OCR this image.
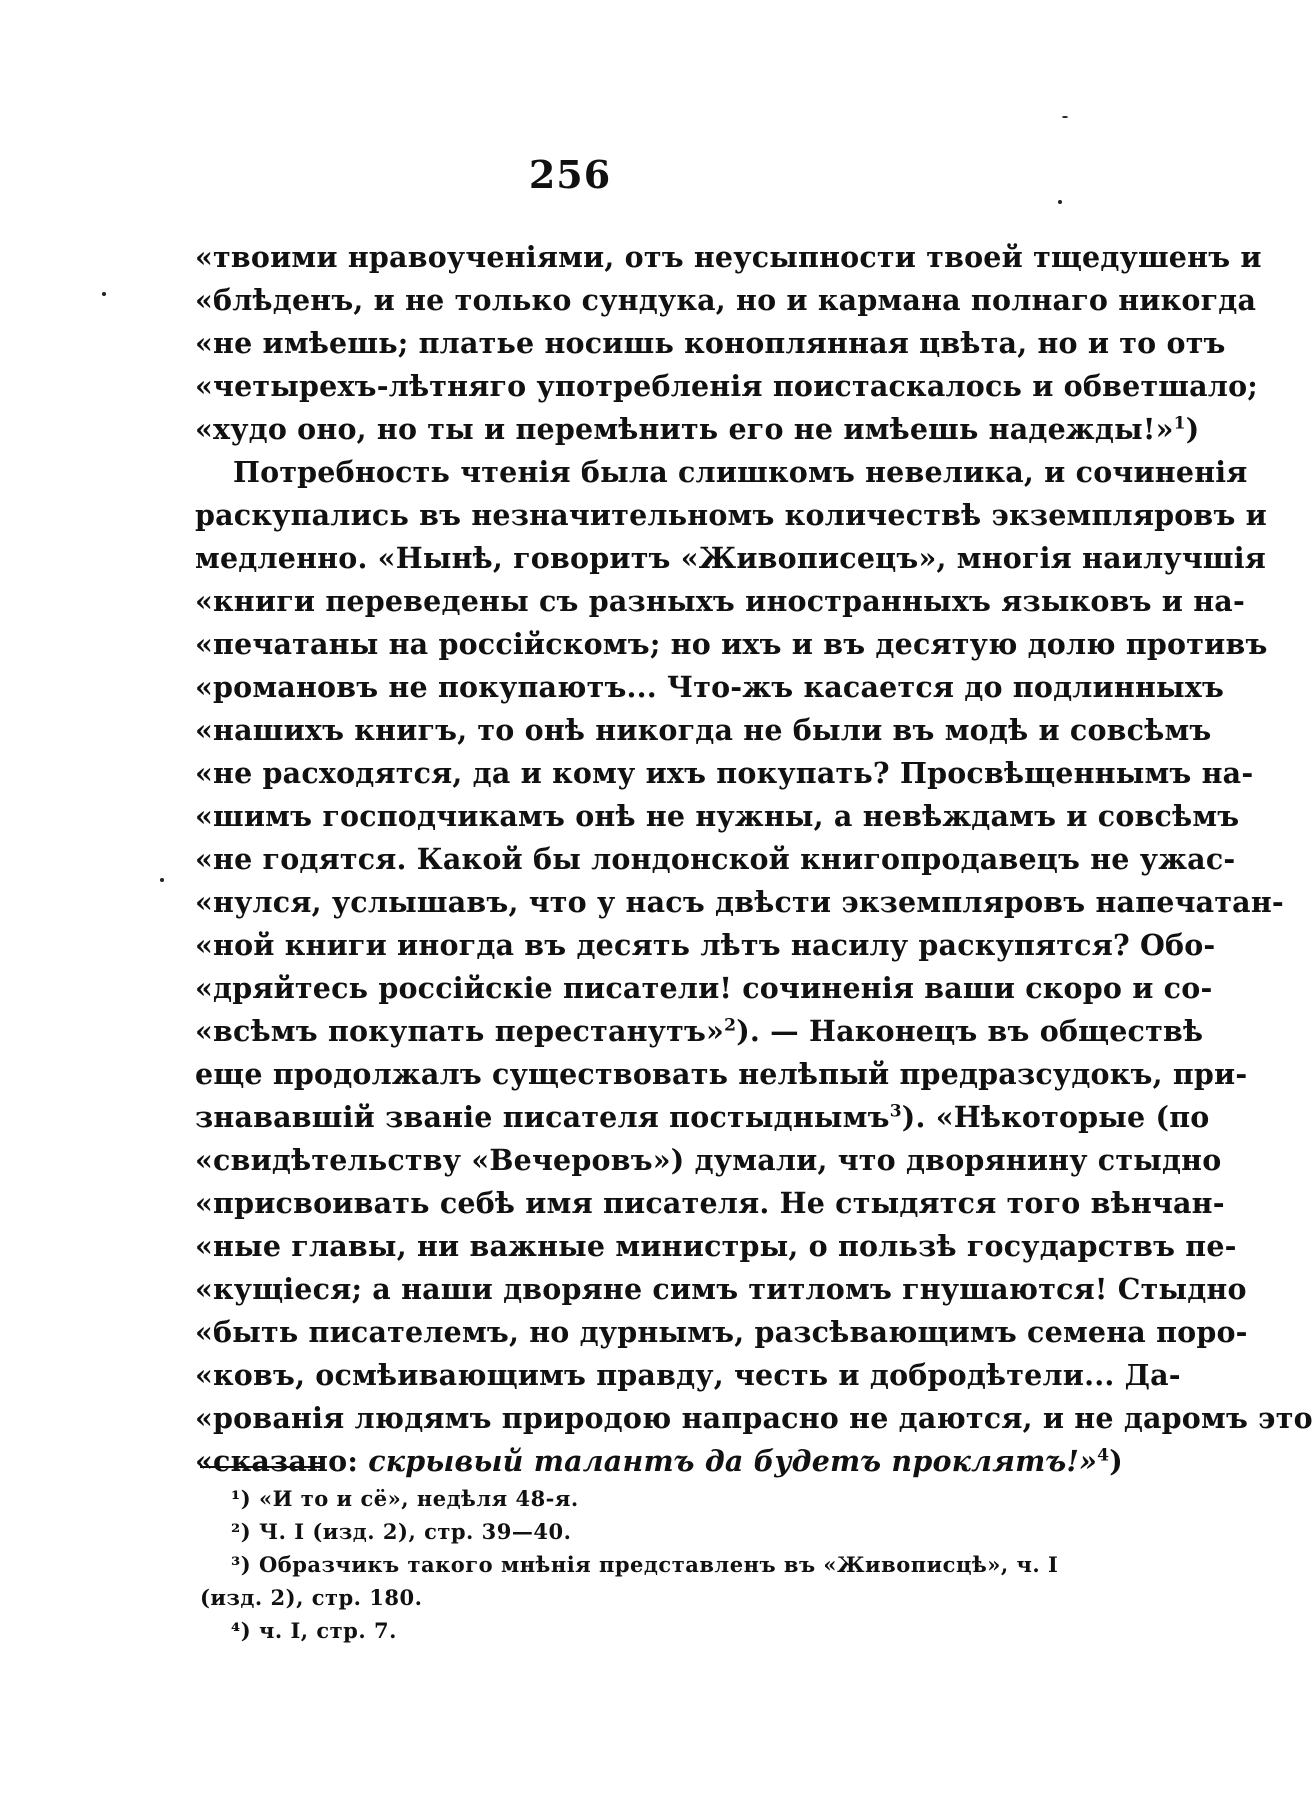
256
«твоими нравоученіями, отъ неусыпности твоей тщедушенъ и
«блѣденъ, и не только сундука, но и кармана полнаго никогда
«не имѣешь; платье носишь коноплянная цвѣта, но и то отъ
«четырехъ-лѣтняго употребленія поистаскалось и обветшало;
«худо оно, но ты и перемѣнить его не имѣешь надежды!»$^1$)
Потребность чтенія была слишкомъ невелика, и сочиненія
раскупались въ незначительномъ количествѣ экземпляровъ и
медленно. «Нынѣ, говоритъ «Живописецъ», многія наилучшія
«книги переведены съ разныхъ иностранныхъ языковъ и на-
«печатаны на россійскомъ; но ихъ и въ десятую долю противъ
«романовъ не покупаютъ... Что-жъ касается до подлинныхъ
«нашихъ книгъ, то онѣ никогда не были въ модѣ и совсѣмъ
«не расходятся, да и кому ихъ покупать? Просвѣщеннымъ на-
«шимъ господчикамъ онѣ не нужны, а невѣждамъ и совсѣмъ
«не годятся. Какой бы лондонской книгопродавецъ не ужас-
«нулся, услышавъ, что у насъ двѣсти экземпляровъ напечатан-
«ной книги иногда въ десять лѣтъ насилу раскупятся? Обо-
«дряйтесь россійскіе писатели! сочиненія ваши скоро и со-
«всѣмъ покупать перестанутъ»$^2$). — Наконецъ въ обществѣ
еще продолжалъ существовать нелѣпый предразсудокъ, при-
знававшій званіе писателя постыднымъ$^3$). «Нѣкоторые (по
«свидѣтельству «Вечеровъ») думали, что дворянину стыдно
«присвоивать себѣ имя писателя. Не стыдятся того вѣнчан-
«ные главы, ни важные министры, о пользѣ государствъ пе-
«кущіеся; а наши дворяне симъ титломъ гнушаются! Стыдно
«быть писателемъ, но дурнымъ, разсѣвающимъ семена поро-
«ковъ, осмѣивающимъ правду, честь и добродѣтели... Да-
«рованія людямъ природою напрасно не даются, и не даромъ это
«сказано: скрывый талантъ да будетъ проклятъ!»$^4$)
¹) «И то и сё», недѣля 48-я.
²) Ч. I (изд. 2), стр. 39—40.
³) Образчикъ такого мнѣнія представленъ въ «Живописцѣ», ч. I
(изд. 2), стр. 180.
⁴) ч. I, стр. 7.
